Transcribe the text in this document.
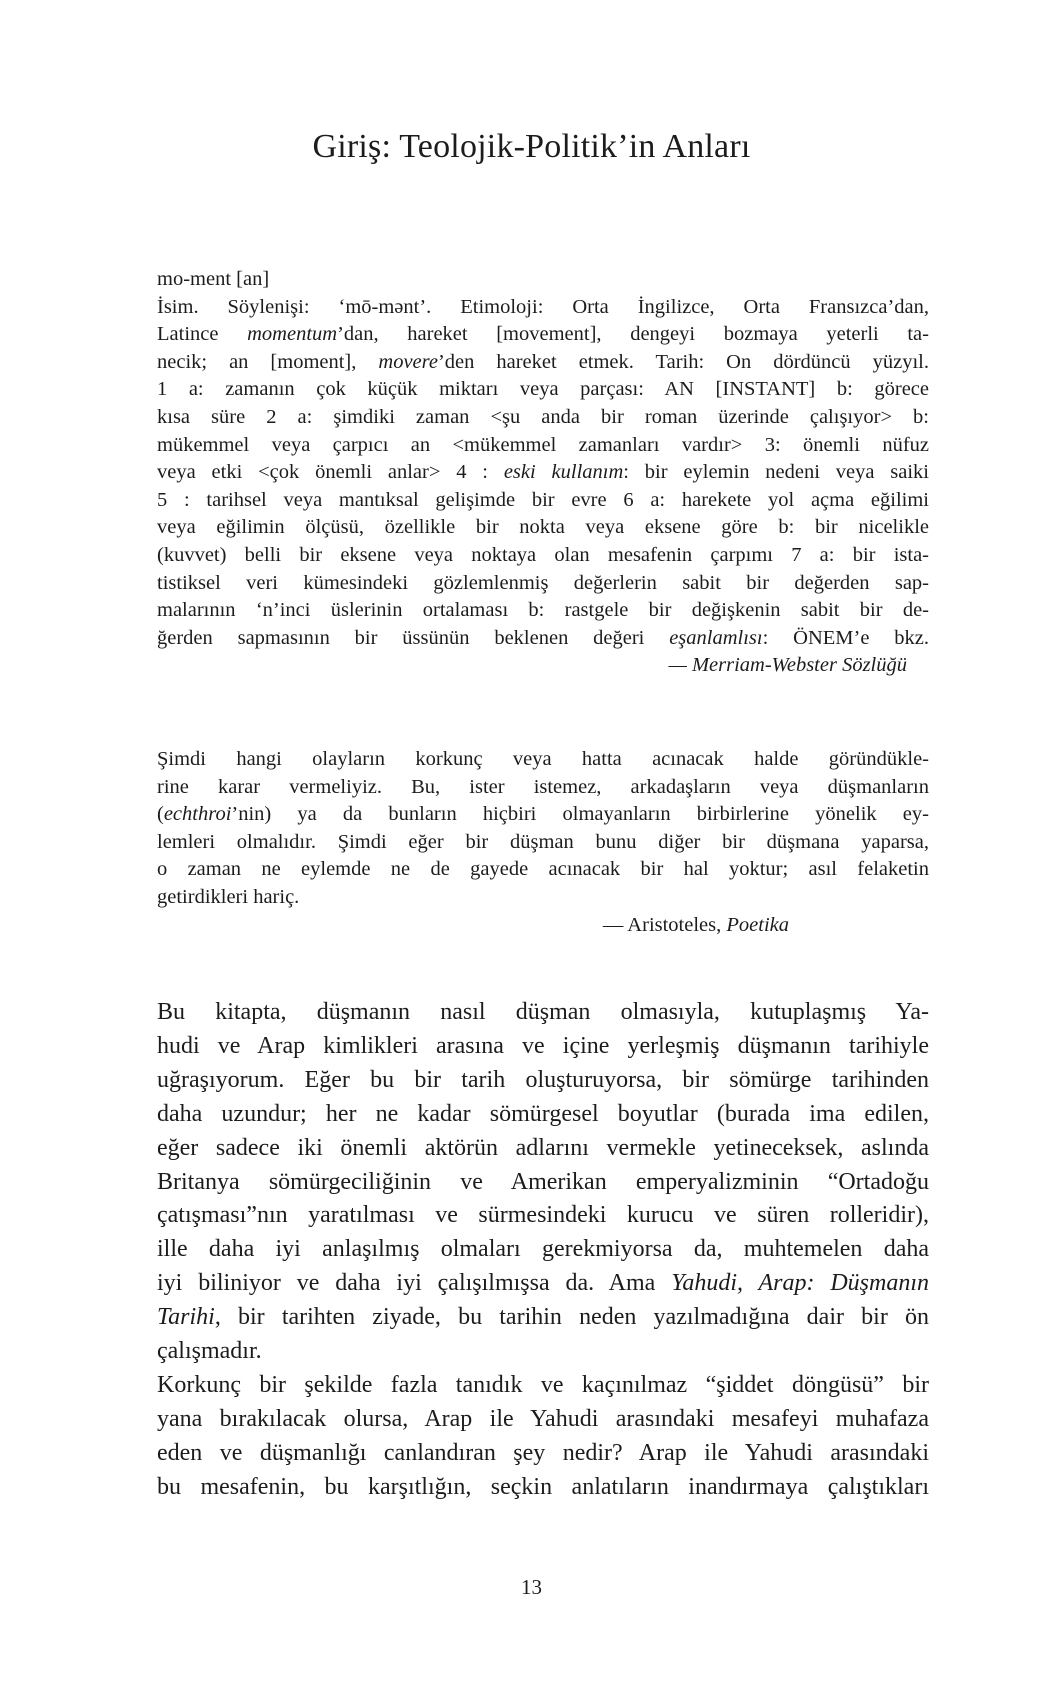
Giriş: Teolojik-Politik’in Anları

mo-ment [an]

İsim. Söylenişi: ‘mō-mənt’. Etimoloji: Orta İngilizce, Orta Fransızca’dan,

Latince momentum’dan, hareket [movement], dengeyi bozmaya yeterli ta-

necik; an [moment], movere’den hareket etmek. Tarih: On dördüncü yüzyıl.

1 a: zamanın çok küçük miktarı veya parçası: AN [INSTANT] b: görece

kısa süre 2 a: şimdiki zaman <şu anda bir roman üzerinde çalışıyor> b:

mükemmel veya çarpıcı an <mükemmel zamanları vardır> 3: önemli nüfuz

veya etki <çok önemli anlar> 4 : eski kullanım: bir eylemin nedeni veya saiki

5 : tarihsel veya mantıksal gelişimde bir evre 6 a: harekete yol açma eğilimi

veya eğilimin ölçüsü, özellikle bir nokta veya eksene göre b: bir nicelikle

(kuvvet) belli bir eksene veya noktaya olan mesafenin çarpımı 7 a: bir ista-

tistiksel veri kümesindeki gözlemlenmiş değerlerin sabit bir değerden sap-

malarının ‘n’inci üslerinin ortalaması b: rastgele bir değişkenin sabit bir de-

ğerden sapmasının bir üssünün beklenen değeri eşanlamlısı: ÖNEM’e bkz.

— Merriam-Webster Sözlüğü

Şimdi hangi olayların korkunç veya hatta acınacak halde göründükle-

rine karar vermeliyiz. Bu, ister istemez, arkadaşların veya düşmanların

(echthroi’nin) ya da bunların hiçbiri olmayanların birbirlerine yönelik ey-

lemleri olmalıdır. Şimdi eğer bir düşman bunu diğer bir düşmana yaparsa,

o zaman ne eylemde ne de gayede acınacak bir hal yoktur; asıl felaketin

getirdikleri hariç.

— Aristoteles, Poetika

Bu kitapta, düşmanın nasıl düşman olmasıyla, kutuplaşmış Ya-

hudi ve Arap kimlikleri arasına ve içine yerleşmiş düşmanın tarihiyle

uğraşıyorum. Eğer bu bir tarih oluşturuyorsa, bir sömürge tarihinden

daha uzundur; her ne kadar sömürgesel boyutlar (burada ima edilen,

eğer sadece iki önemli aktörün adlarını vermekle yetineceksek, aslında

Britanya sömürgeciliğinin ve Amerikan emperyalizminin “Ortadoğu

çatışması”nın yaratılması ve sürmesindeki kurucu ve süren rolleridir),

ille daha iyi anlaşılmış olmaları gerekmiyorsa da, muhtemelen daha

iyi biliniyor ve daha iyi çalışılmışsa da. Ama Yahudi, Arap: Düşmanın

Tarihi, bir tarihten ziyade, bu tarihin neden yazılmadığına dair bir ön

çalışmadır.

Korkunç bir şekilde fazla tanıdık ve kaçınılmaz “şiddet döngüsü” bir

yana bırakılacak olursa, Arap ile Yahudi arasındaki mesafeyi muhafaza

eden ve düşmanlığı canlandıran şey nedir? Arap ile Yahudi arasındaki

bu mesafenin, bu karşıtlığın, seçkin anlatıların inandırmaya çalıştıkları

13
